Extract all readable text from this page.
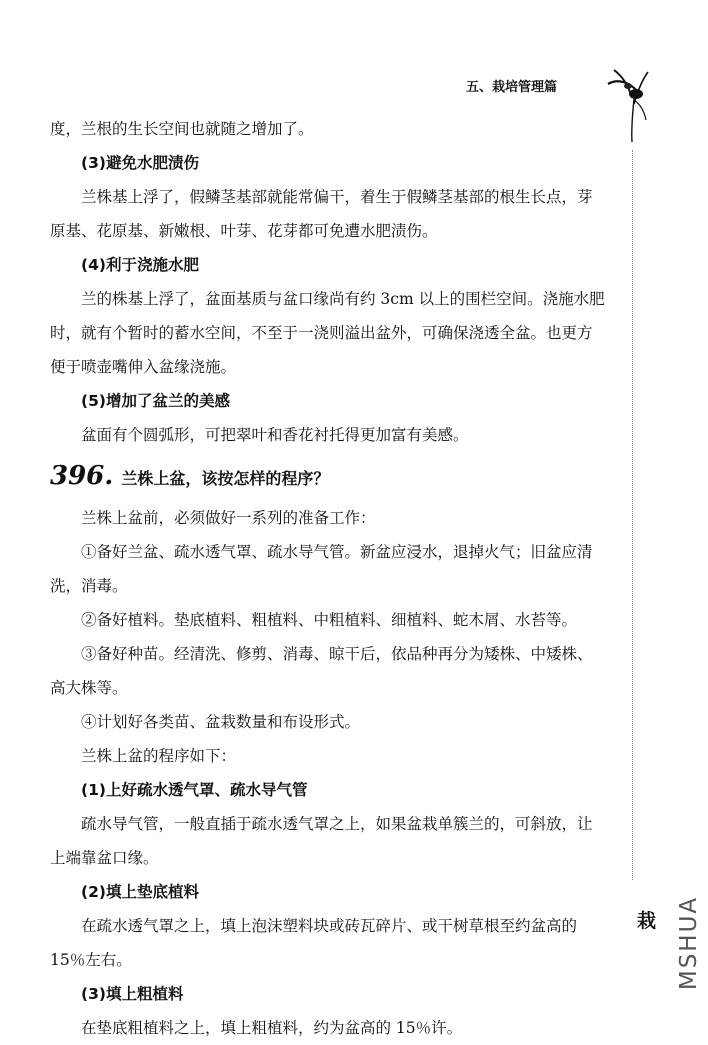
五、栽培管理篇
栽 MSHUA

度，兰根的生长空间也就随之增加了。

(3)避免水肥渍伤

兰株基上浮了，假鳞茎基部就能常偏干，着生于假鳞茎基部的根生长点，芽原基、花原基、新嫩根、叶芽、花芽都可免遭水肥渍伤。

(4)利于浇施水肥

兰的株基上浮了，盆面基质与盆口缘尚有约 3cm 以上的围栏空间。浇施水肥时，就有个暂时的蓄水空间，不至于一浇则溢出盆外，可确保浇透全盆。也更方便于喷壶嘴伸入盆缘浇施。

(5)增加了盆兰的美感

盆面有个圆弧形，可把翠叶和香花衬托得更加富有美感。

396. 兰株上盆，该按怎样的程序？

兰株上盆前，必须做好一系列的准备工作：

①备好兰盆、疏水透气罩、疏水导气管。新盆应浸水，退掉火气；旧盆应清洗，消毒。

②备好植料。垫底植料、粗植料、中粗植料、细植料、蛇木屑、水苔等。

③备好种苗。经清洗、修剪、消毒、晾干后，依品种再分为矮株、中矮株、高大株等。

④计划好各类苗、盆栽数量和布设形式。

兰株上盆的程序如下：

(1)上好疏水透气罩、疏水导气管

疏水导气管，一般直插于疏水透气罩之上，如果盆栽单簇兰的，可斜放，让上端靠盆口缘。

(2)填上垫底植料

在疏水透气罩之上，填上泡沫塑料块或砖瓦碎片、或干树草根至约盆高的 15％左右。

(3)填上粗植料

在垫底粗植料之上，填上粗植料，约为盆高的 15％许。
